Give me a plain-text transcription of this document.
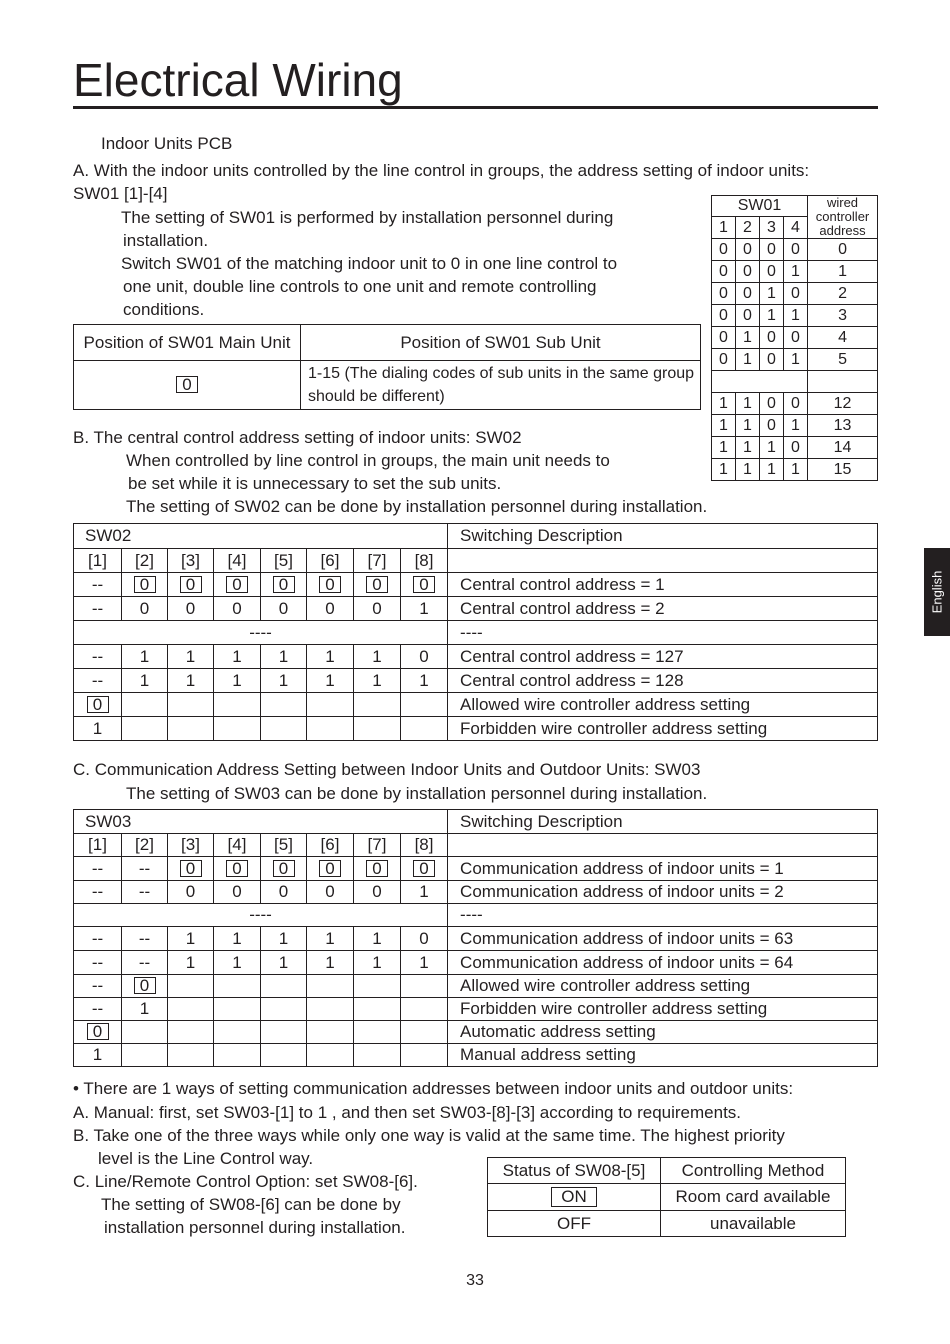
Electrical Wiring
English
Indoor Units PCB
A. With the indoor units controlled by the line control in groups, the address setting of indoor units:
SW01 [1]-[4]
The setting of SW01 is performed by installation personnel during
installation.
Switch SW01 of the matching indoor unit to 0 in one line control to
one unit, double line controls to one unit and remote controlling
conditions.
SW01				wired controller address
1	2	3	4	
0	0	0	0	0
0	0	0	1	1
0	0	1	0	2
0	0	1	1	3
0	1	0	0	4
0	1	0	1	5

1	1	0	0	12
1	1	0	1	13
1	1	1	0	14
1	1	1	1	15
Position of SW01 Main Unit	Position of SW01 Sub Unit
0	1-15 (The dialing codes of sub units in the same group should be different)
B. The central control address setting of indoor units: SW02
When controlled by line control in groups, the main unit needs to
be set while it is unnecessary to set the sub units.
The setting of SW02 can be done by installation personnel during installation.
SW02								Switching Description
[1]	[2]	[3]	[4]	[5]	[6]	[7]	[8]	
--	0	0	0	0	0	0	0	Central control address = 1
--	0	0	0	0	0	0	1	Central control address = 2
----								----
--	1	1	1	1	1	1	0	Central control address = 127
--	1	1	1	1	1	1	1	Central control address = 128
0								Allowed wire controller address setting
1								Forbidden wire controller address setting
C. Communication Address Setting between Indoor Units and Outdoor Units: SW03
The setting of SW03 can be done by installation personnel during installation.
SW03								Switching Description
[1]	[2]	[3]	[4]	[5]	[6]	[7]	[8]	
--	--	0	0	0	0	0	0	Communication address of indoor units = 1
--	--	0	0	0	0	0	1	Communication address of indoor units = 2
----								----
--	--	1	1	1	1	1	0	Communication address of indoor units = 63
--	--	1	1	1	1	1	1	Communication address of indoor units = 64
--	0							Allowed wire controller address setting
--	1							Forbidden wire controller address setting
0								Automatic address setting
1								Manual address setting
• There are 1 ways of setting communication addresses between indoor units and outdoor units:
A. Manual: first, set SW03-[1] to 1 , and then set SW03-[8]-[3] according to requirements.
B. Take one of the three ways while only one way is valid at the same time. The highest priority
level is the Line Control way.
C. Line/Remote Control Option: set SW08-[6].
The setting of SW08-[6] can be done by
installation personnel during installation.
Status of SW08-[5]	Controlling Method
ON	Room card available
OFF	unavailable
33
